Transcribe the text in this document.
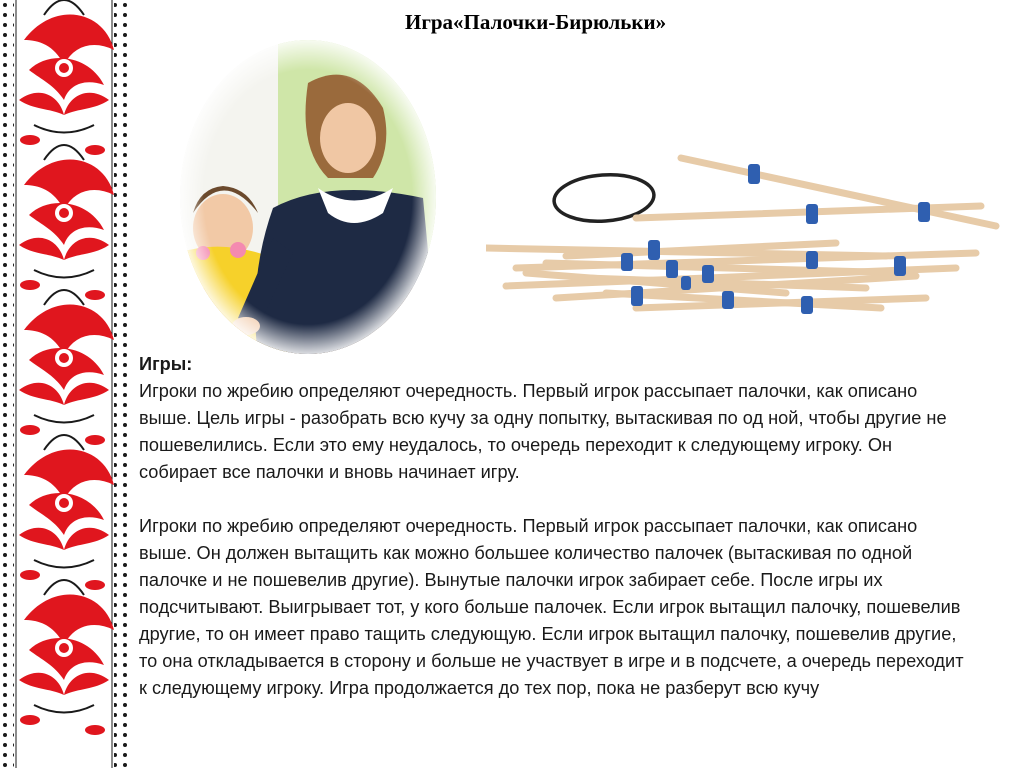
Игра«Палочки-Бирюльки»
Игры:

Игроки по жребию определяют очередность. Первый игрок рассыпает палочки, как описано выше. Цель игры - разобрать всю кучу за одну попытку, вытаскивая по од ной, чтобы другие не пошевелились. Если это ему неудалось, то очередь переходит к следующему игроку. Он собирает все палочки и вновь начинает игру.

Игроки по жребию определяют очередность. Первый игрок рассыпает палочки, как описано выше. Он должен вытащить как можно большее количество палочек (вытаскивая по одной палочке и не пошевелив другие). Вынутые палочки игрок забирает себе. После игры их подсчитывают. Выигрывает тот, у кого больше палочек. Если игрок вытащил палочку, пошевелив другие, то он имеет право тащить следующую. Если игрок вытащил палочку, пошевелив другие, то она откладывается в сторону и больше не участвует в игре и в подсчете, а очередь переходит к следующему игроку. Игра продолжается до тех пор, пока не разберут всю кучу
